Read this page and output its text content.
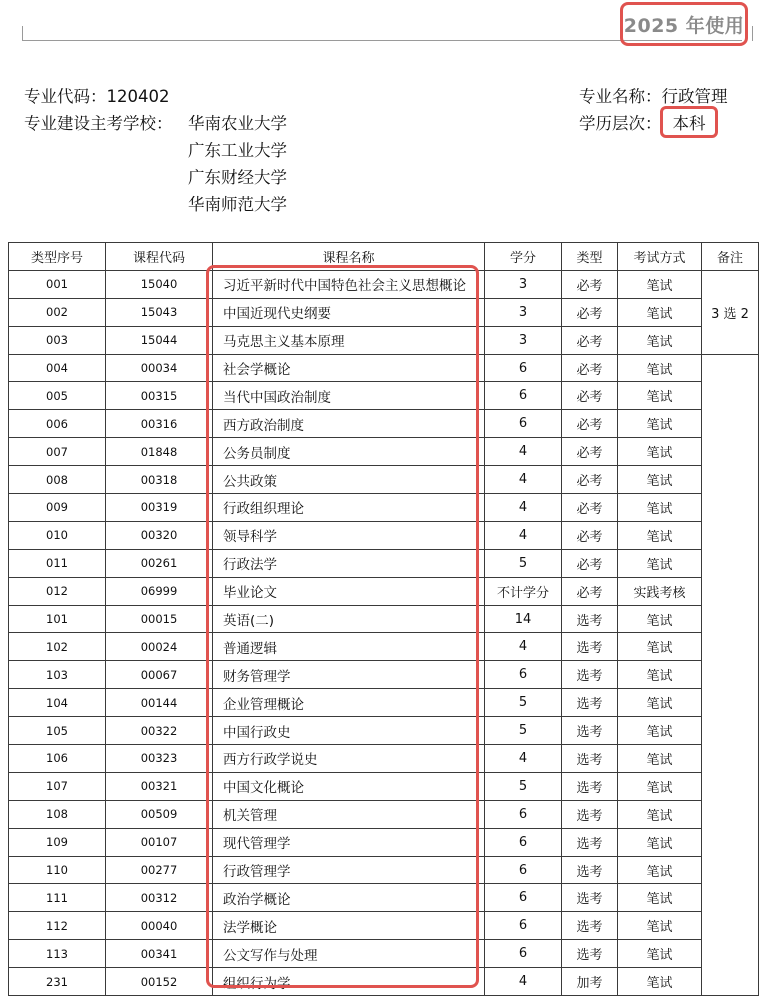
2025 年使用
专业代码：120402
专业建设主考学校： 华南农业大学
广东工业大学
广东财经大学
华南师范大学
专业名称：行政管理
学历层次： 本科
类型序号	课程代码	课程名称	学分	类型	考试方式	备注
001	15040	习近平新时代中国特色社会主义思想概论	3	必考	笔试	3 选 2
002	15043	中国近现代史纲要	3	必考	笔试	
003	15044	马克思主义基本原理	3	必考	笔试	
004	00034	社会学概论	6	必考	笔试	
005	00315	当代中国政治制度	6	必考	笔试	
006	00316	西方政治制度	6	必考	笔试	
007	01848	公务员制度	4	必考	笔试	
008	00318	公共政策	4	必考	笔试	
009	00319	行政组织理论	4	必考	笔试	
010	00320	领导科学	4	必考	笔试	
011	00261	行政法学	5	必考	笔试	
012	06999	毕业论文	不计学分	必考	实践考核	
101	00015	英语(二)	14	选考	笔试	
102	00024	普通逻辑	4	选考	笔试	
103	00067	财务管理学	6	选考	笔试	
104	00144	企业管理概论	5	选考	笔试	
105	00322	中国行政史	5	选考	笔试	
106	00323	西方行政学说史	4	选考	笔试	
107	00321	中国文化概论	5	选考	笔试	
108	00509	机关管理	6	选考	笔试	
109	00107	现代管理学	6	选考	笔试	
110	00277	行政管理学	6	选考	笔试	
111	00312	政治学概论	6	选考	笔试	
112	00040	法学概论	6	选考	笔试	
113	00341	公文写作与处理	6	选考	笔试	
231	00152	组织行为学	4	加考	笔试	
